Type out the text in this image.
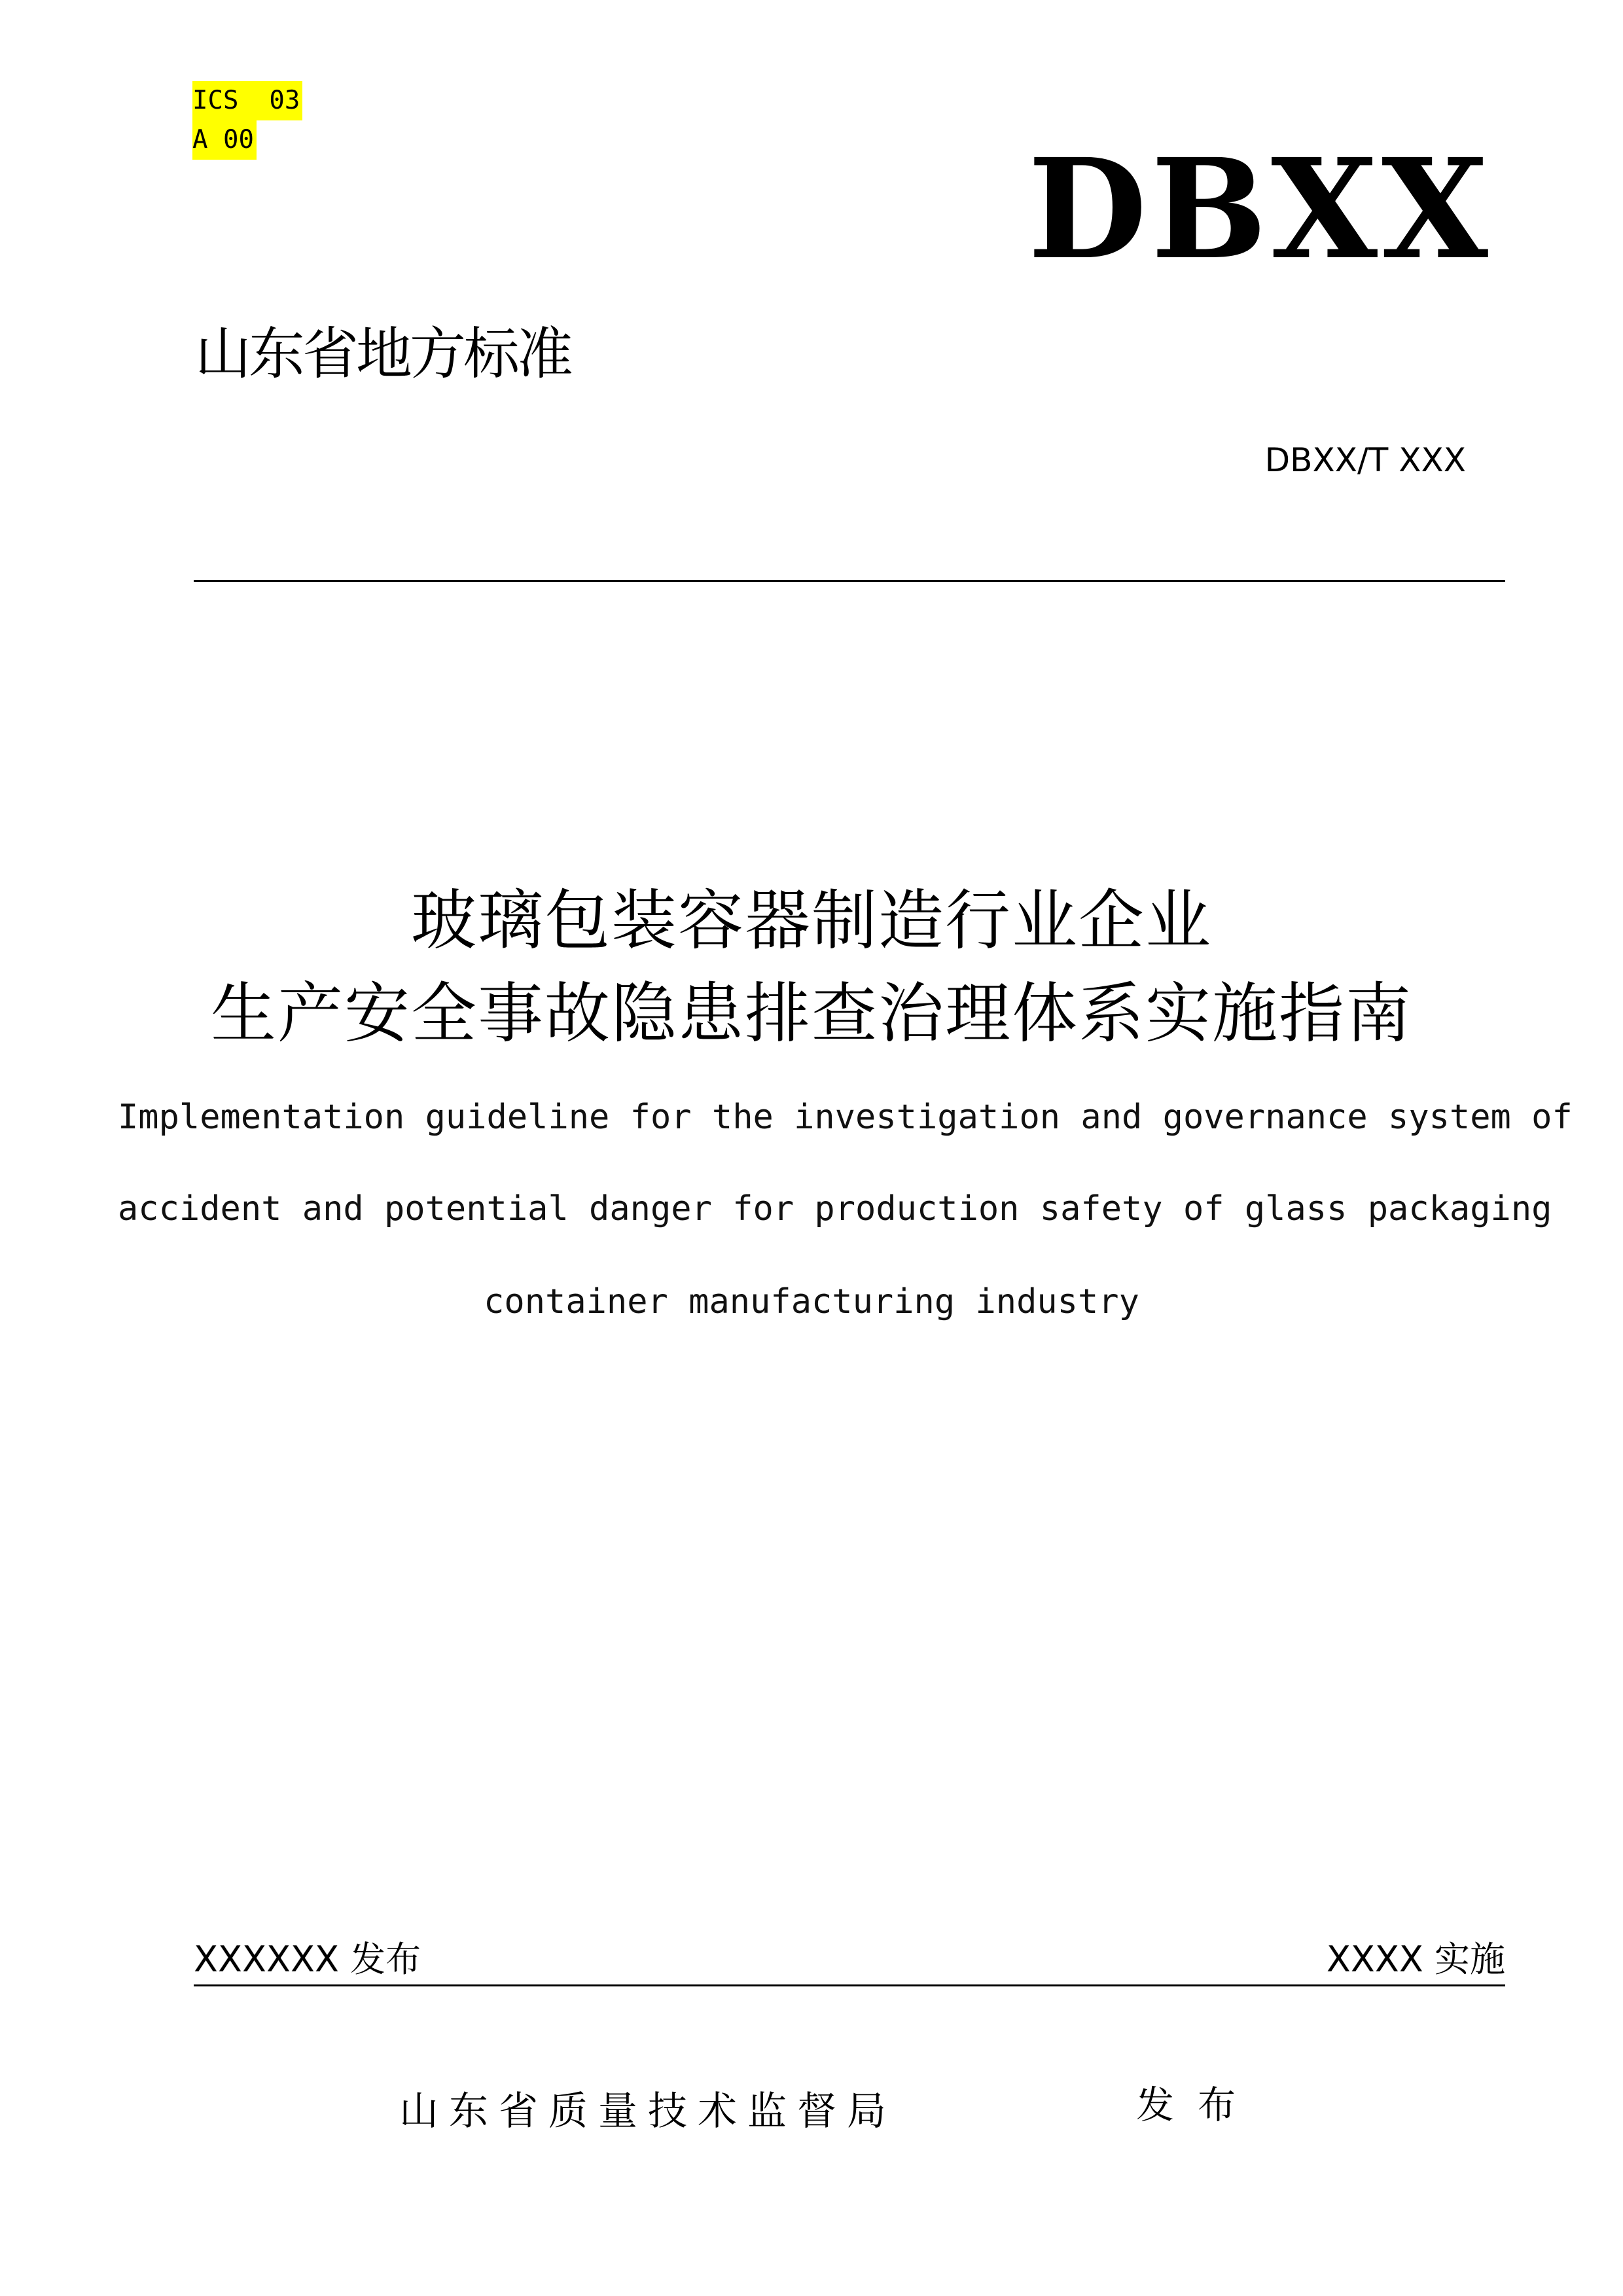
ICS  03
A 00	DBXX
山东省地方标准
DBXX/T XXX
玻璃包装容器制造行业企业
生产安全事故隐患排查治理体系实施指南
Implementation guideline for the investigation and governance system of
accident and potential danger for production safety of glass packaging
container manufacturing industry
XXXXXX 发布	XXXX 实施
山东省质量技术监督局	发布
